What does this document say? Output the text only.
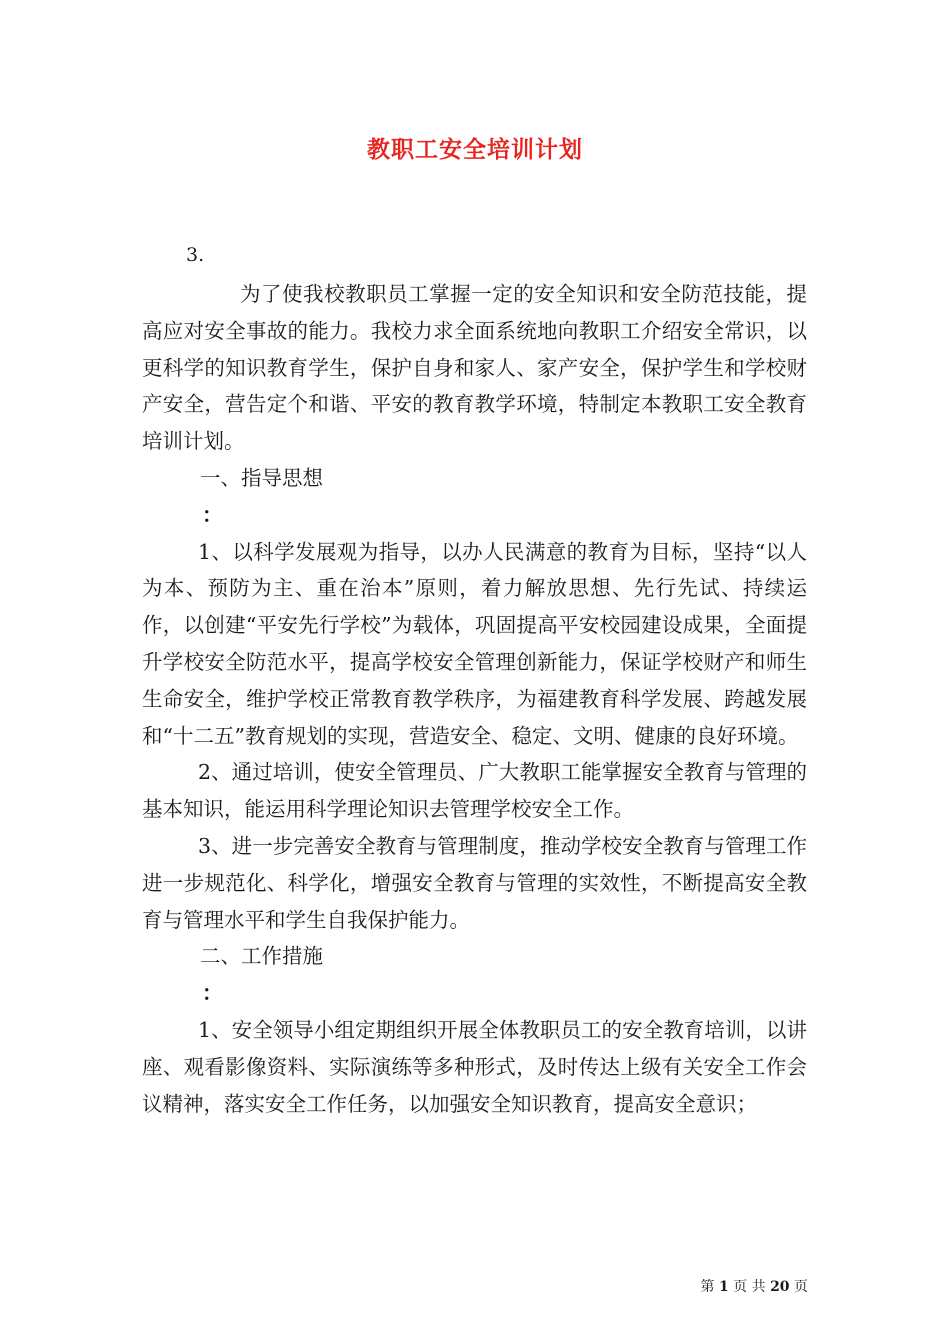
教职工安全培训计划
3.

为了使我校教职员工掌握一定的安全知识和安全防范技能，提高应对安全事故的能力。我校力求全面系统地向教职工介绍安全常识，以更科学的知识教育学生，保护自身和家人、家产安全，保护学生和学校财产安全，营告定个和谐、平安的教育教学环境，特制定本教职工安全教育培训计划。

一、指导思想

：

1、以科学发展观为指导，以办人民满意的教育为目标，坚持“以人为本、预防为主、重在治本”原则，着力解放思想、先行先试、持续运作，以创建“平安先行学校”为载体，巩固提高平安校园建设成果，全面提升学校安全防范水平，提高学校安全管理创新能力，保证学校财产和师生生命安全，维护学校正常教育教学秩序，为福建教育科学发展、跨越发展和“十二五”教育规划的实现，营造安全、稳定、文明、健康的良好环境。

2、通过培训，使安全管理员、广大教职工能掌握安全教育与管理的基本知识，能运用科学理论知识去管理学校安全工作。

3、进一步完善安全教育与管理制度，推动学校安全教育与管理工作进一步规范化、科学化，增强安全教育与管理的实效性，不断提高安全教育与管理水平和学生自我保护能力。

二、工作措施

：

1、安全领导小组定期组织开展全体教职员工的安全教育培训，以讲座、观看影像资料、实际演练等多种形式，及时传达上级有关安全工作会议精神，落实安全工作任务，以加强安全知识教育，提高安全意识；

第 1 页 共 20 页
